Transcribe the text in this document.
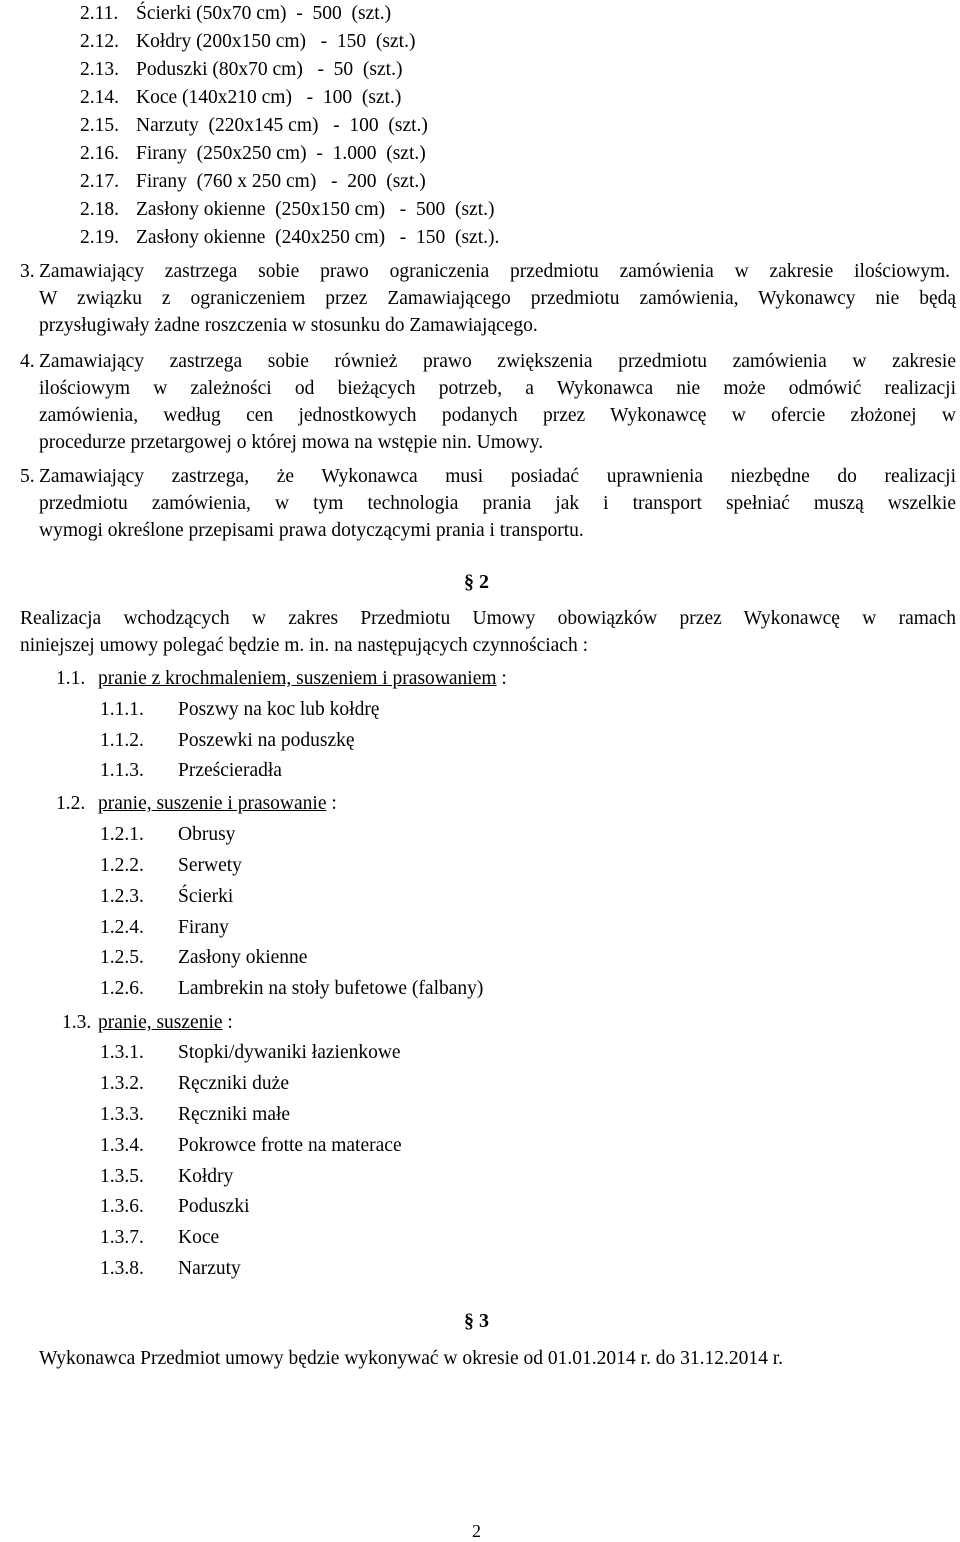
2.11. Ścierki (50x70 cm)  -  500  (szt.)
2.12. Kołdry (200x150 cm)   -  150  (szt.)
2.13. Poduszki (80x70 cm)   -  50  (szt.)
2.14. Koce (140x210 cm)   -  100  (szt.)
2.15. Narzuty  (220x145 cm)   -  100  (szt.)
2.16. Firany  (250x250 cm)  -  1.000  (szt.)
2.17. Firany  (760 x 250 cm)   -  200  (szt.)
2.18. Zasłony okienne  (250x150 cm)   -  500  (szt.)
2.19. Zasłony okienne  (240x250 cm)   -  150  (szt.).
3. Zamawiający zastrzega sobie prawo ograniczenia przedmiotu zamówienia w zakresie ilościowym.
W związku z ograniczeniem przez Zamawiającego przedmiotu zamówienia, Wykonawcy nie będą
przysługiwały żadne roszczenia w stosunku do Zamawiającego.
4. Zamawiający zastrzega sobie również prawo zwiększenia przedmiotu zamówienia w zakresie
ilościowym w zależności od bieżących potrzeb, a Wykonawca nie może odmówić realizacji
zamówienia, według cen jednostkowych podanych przez Wykonawcę w ofercie złożonej w
procedurze przetargowej o której mowa na wstępie nin. Umowy.
5. Zamawiający zastrzega, że Wykonawca musi posiadać uprawnienia niezbędne do realizacji
przedmiotu zamówienia, w tym technologia prania jak i transport spełniać muszą wszelkie
wymogi określone przepisami prawa dotyczącymi prania i transportu.
§ 2
Realizacja wchodzących w zakres Przedmiotu Umowy obowiązków przez Wykonawcę w ramach
niniejszej umowy polegać będzie m. in. na następujących czynnościach :
1.1. pranie z krochmaleniem, suszeniem i prasowaniem :
1.1.1. Poszwy na koc lub kołdrę
1.1.2. Poszewki na poduszkę
1.1.3. Prześcieradła
1.2. pranie, suszenie i prasowanie :
1.2.1. Obrusy
1.2.2. Serwety
1.2.3. Ścierki
1.2.4. Firany
1.2.5. Zasłony okienne
1.2.6. Lambrekin na stoły bufetowe (falbany)
1.3. pranie, suszenie :
1.3.1. Stopki/dywaniki łazienkowe
1.3.2. Ręczniki duże
1.3.3. Ręczniki małe
1.3.4. Pokrowce frotte na materace
1.3.5. Kołdry
1.3.6. Poduszki
1.3.7. Koce
1.3.8. Narzuty
§ 3
Wykonawca Przedmiot umowy będzie wykonywać w okresie od 01.01.2014 r. do 31.12.2014 r.
2
